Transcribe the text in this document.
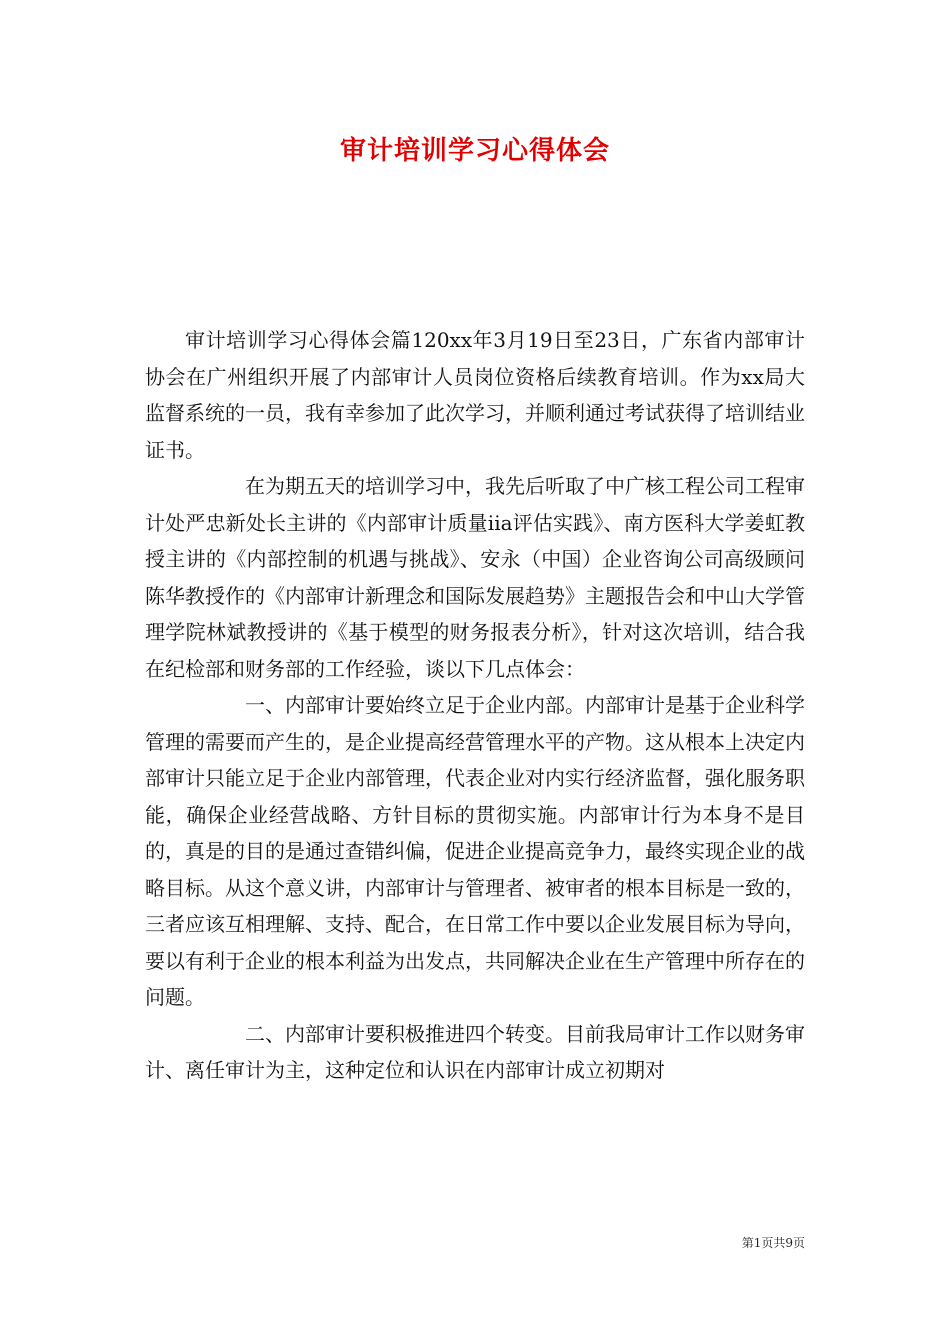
审计培训学习心得体会

审计培训学习心得体会篇120xx年3月19日至23日，广东省内部审计协会在广州组织开展了内部审计人员岗位资格后续教育培训。作为xx局大监督系统的一员，我有幸参加了此次学习，并顺利通过考试获得了培训结业证书。

在为期五天的培训学习中，我先后听取了中广核工程公司工程审计处严忠新处长主讲的《内部审计质量iia评估实践》、南方医科大学姜虹教授主讲的《内部控制的机遇与挑战》、安永（中国）企业咨询公司高级顾问陈华教授作的《内部审计新理念和国际发展趋势》主题报告会和中山大学管理学院林斌教授讲的《基于模型的财务报表分析》，针对这次培训，结合我在纪检部和财务部的工作经验，谈以下几点体会：

一、内部审计要始终立足于企业内部。内部审计是基于企业科学管理的需要而产生的，是企业提高经营管理水平的产物。这从根本上决定内部审计只能立足于企业内部管理，代表企业对内实行经济监督，强化服务职能，确保企业经营战略、方针目标的贯彻实施。内部审计行为本身不是目的，真是的目的是通过查错纠偏，促进企业提高竞争力，最终实现企业的战略目标。从这个意义讲，内部审计与管理者、被审者的根本目标是一致的，三者应该互相理解、支持、配合，在日常工作中要以企业发展目标为导向，要以有利于企业的根本利益为出发点，共同解决企业在生产管理中所存在的问题。

二、内部审计要积极推进四个转变。目前我局审计工作以财务审计、离任审计为主，这种定位和认识在内部审计成立初期对

第1页共9页
